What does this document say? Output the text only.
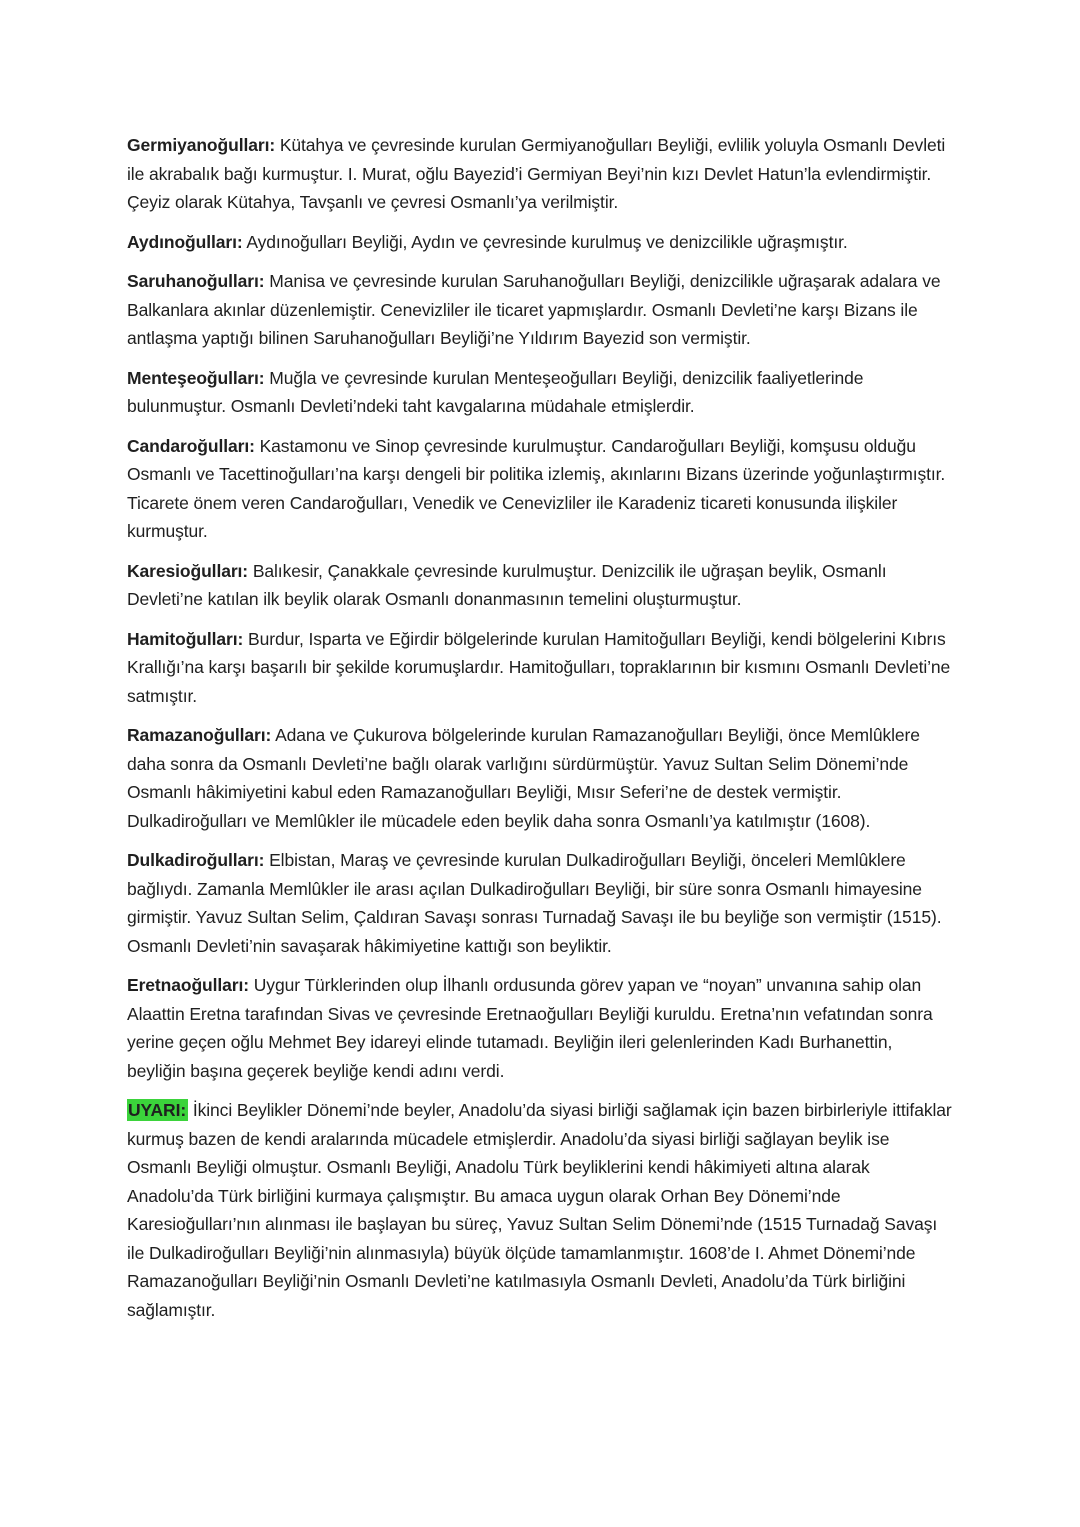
Germiyanoğulları: Kütahya ve çevresinde kurulan Germiyanoğulları Beyliği, evlilik yoluyla Osmanlı Devleti ile akrabalık bağı kurmuştur. I. Murat, oğlu Bayezid’i Germiyan Beyi’nin kızı Devlet Hatun’la evlendirmiştir. Çeyiz olarak Kütahya, Tavşanlı ve çevresi Osmanlı’ya verilmiştir.

Aydınoğulları: Aydınoğulları Beyliği, Aydın ve çevresinde kurulmuş ve denizcilikle uğraşmıştır.

Saruhanoğulları: Manisa ve çevresinde kurulan Saruhanoğulları Beyliği, denizcilikle uğraşarak adalara ve Balkanlara akınlar düzenlemiştir. Cenevizliler ile ticaret yapmışlardır. Osmanlı Devleti’ne karşı Bizans ile antlaşma yaptığı bilinen Saruhanoğulları Beyliği’ne Yıldırım Bayezid son vermiştir.

Menteşeoğulları: Muğla ve çevresinde kurulan Menteşeoğulları Beyliği, denizcilik faaliyetlerinde bulunmuştur. Osmanlı Devleti’ndeki taht kavgalarına müdahale etmişlerdir.

Candaroğulları: Kastamonu ve Sinop çevresinde kurulmuştur. Candaroğulları Beyliği, komşusu olduğu Osmanlı ve Tacettinoğulları’na karşı dengeli bir politika izlemiş, akınlarını Bizans üzerinde yoğunlaştırmıştır. Ticarete önem veren Candaroğulları, Venedik ve Cenevizliler ile Karadeniz ticareti konusunda ilişkiler kurmuştur.

Karesioğulları: Balıkesir, Çanakkale çevresinde kurulmuştur. Denizcilik ile uğraşan beylik, Osmanlı Devleti’ne katılan ilk beylik olarak Osmanlı donanmasının temelini oluşturmuştur.

Hamitoğulları: Burdur, Isparta ve Eğirdir bölgelerinde kurulan Hamitoğulları Beyliği, kendi bölgelerini Kıbrıs Krallığı’na karşı başarılı bir şekilde korumuşlardır. Hamitoğulları, topraklarının bir kısmını Osmanlı Devleti’ne satmıştır.

Ramazanoğulları: Adana ve Çukurova bölgelerinde kurulan Ramazanoğulları Beyliği, önce Memlûklere daha sonra da Osmanlı Devleti’ne bağlı olarak varlığını sürdürmüştür. Yavuz Sultan Selim Dönemi’nde Osmanlı hâkimiyetini kabul eden Ramazanoğulları Beyliği, Mısır Seferi’ne de destek vermiştir. Dulkadiroğulları ve Memlûkler ile mücadele eden beylik daha sonra Osmanlı’ya katılmıştır (1608).

Dulkadiroğulları: Elbistan, Maraş ve çevresinde kurulan Dulkadiroğulları Beyliği, önceleri Memlûklere bağlıydı. Zamanla Memlûkler ile arası açılan Dulkadiroğulları Beyliği, bir süre sonra Osmanlı himayesine girmiştir. Yavuz Sultan Selim, Çaldıran Savaşı sonrası Turnadağ Savaşı ile bu beyliğe son vermiştir (1515). Osmanlı Devleti’nin savaşarak hâkimiyetine kattığı son beyliktir.

Eretnaoğulları: Uygur Türklerinden olup İlhanlı ordusunda görev yapan ve “noyan” unvanına sahip olan Alaattin Eretna tarafından Sivas ve çevresinde Eretnaoğulları Beyliği kuruldu. Eretna’nın vefatından sonra yerine geçen oğlu Mehmet Bey idareyi elinde tutamadı. Beyliğin ileri gelenlerinden Kadı Burhanettin, beyliğin başına geçerek beyliğe kendi adını verdi.

UYARI: İkinci Beylikler Dönemi’nde beyler, Anadolu’da siyasi birliği sağlamak için bazen birbirleriyle ittifaklar kurmuş bazen de kendi aralarında mücadele etmişlerdir. Anadolu’da siyasi birliği sağlayan beylik ise Osmanlı Beyliği olmuştur. Osmanlı Beyliği, Anadolu Türk beyliklerini kendi hâkimiyeti altına alarak Anadolu’da Türk birliğini kurmaya çalışmıştır. Bu amaca uygun olarak Orhan Bey Dönemi’nde Karesioğulları’nın alınması ile başlayan bu süreç, Yavuz Sultan Selim Dönemi’nde (1515 Turnadağ Savaşı ile Dulkadiroğulları Beyliği’nin alınmasıyla) büyük ölçüde tamamlanmıştır. 1608’de I. Ahmet Dönemi’nde Ramazanoğulları Beyliği’nin Osmanlı Devleti’ne katılmasıyla Osmanlı Devleti, Anadolu’da Türk birliğini sağlamıştır.
